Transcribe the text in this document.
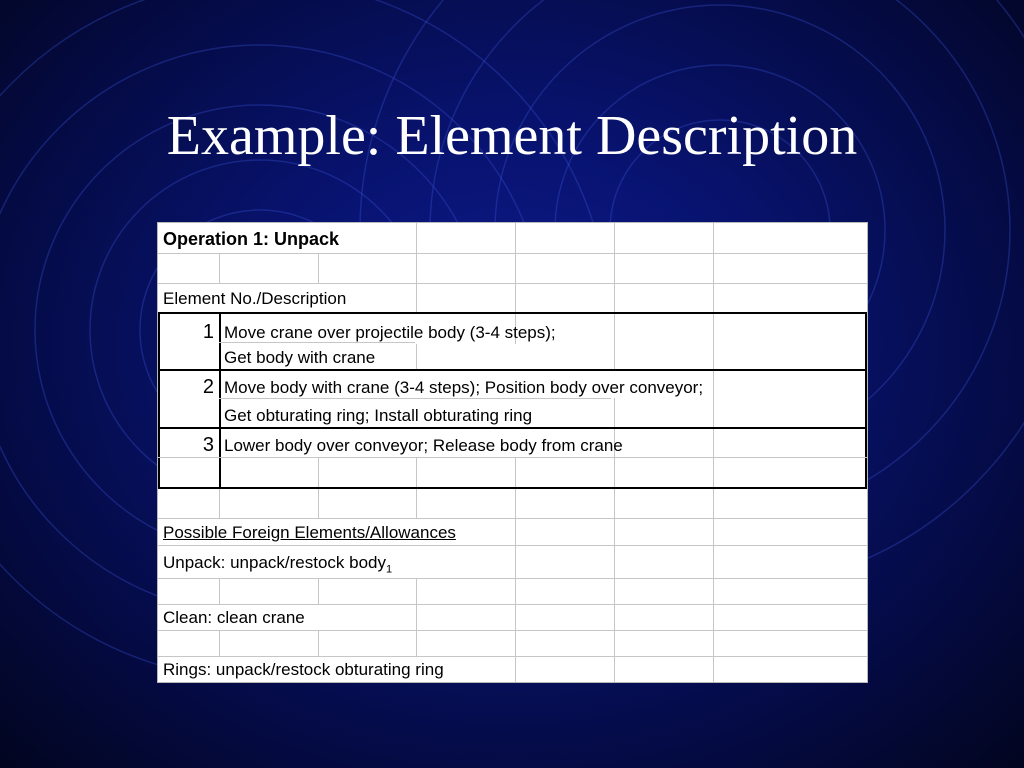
Example: Element Description
Operation 1: Unpack
Element No./Description
1 Move crane over projectile body (3-4 steps);
Get body with crane
2 Move body with crane (3-4 steps); Position body over conveyor;
Get obturating ring; Install obturating ring
3 Lower body over conveyor; Release body from crane
Possible Foreign Elements/Allowances
Unpack: unpack/restock body$_1$
Clean: clean crane
Rings: unpack/restock obturating ring
